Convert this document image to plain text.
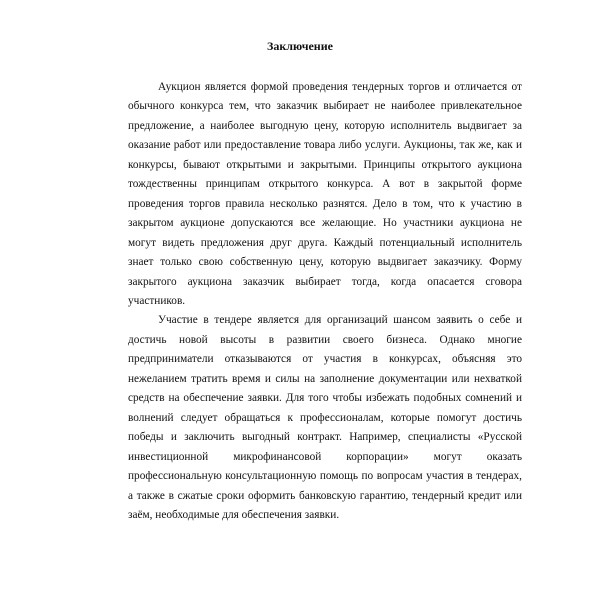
Заключение

Аукцион является формой проведения тендерных торгов и отличается от обычного конкурса тем, что заказчик выбирает не наиболее привлекательное предложение, а наиболее выгодную цену, которую исполнитель выдвигает за оказание работ или предоставление товара либо услуги. Аукционы, так же, как и конкурсы, бывают открытыми и закрытыми. Принципы открытого аукциона тождественны принципам открытого конкурса. А вот в закрытой форме проведения торгов правила несколько разнятся. Дело в том, что к участию в закрытом аукционе допускаются все желающие. Но участники аукциона не могут видеть предложения друг друга. Каждый потенциальный исполнитель знает только свою собственную цену, которую выдвигает заказчику. Форму закрытого аукциона заказчик выбирает тогда, когда опасается сговора участников.

Участие в тендере является для организаций шансом заявить о себе и достичь новой высоты в развитии своего бизнеса. Однако многие предприниматели отказываются от участия в конкурсах, объясняя это нежеланием тратить время и силы на заполнение документации или нехваткой средств на обеспечение заявки. Для того чтобы избежать подобных сомнений и волнений следует обращаться к профессионалам, которые помогут достичь победы и заключить выгодный контракт. Например, специалисты «Русской инвестиционной микрофинансовой корпорации» могут оказать профессиональную консультационную помощь по вопросам участия в тендерах, а также в сжатые сроки оформить банковскую гарантию, тендерный кредит или заём, необходимые для обеспечения заявки.
